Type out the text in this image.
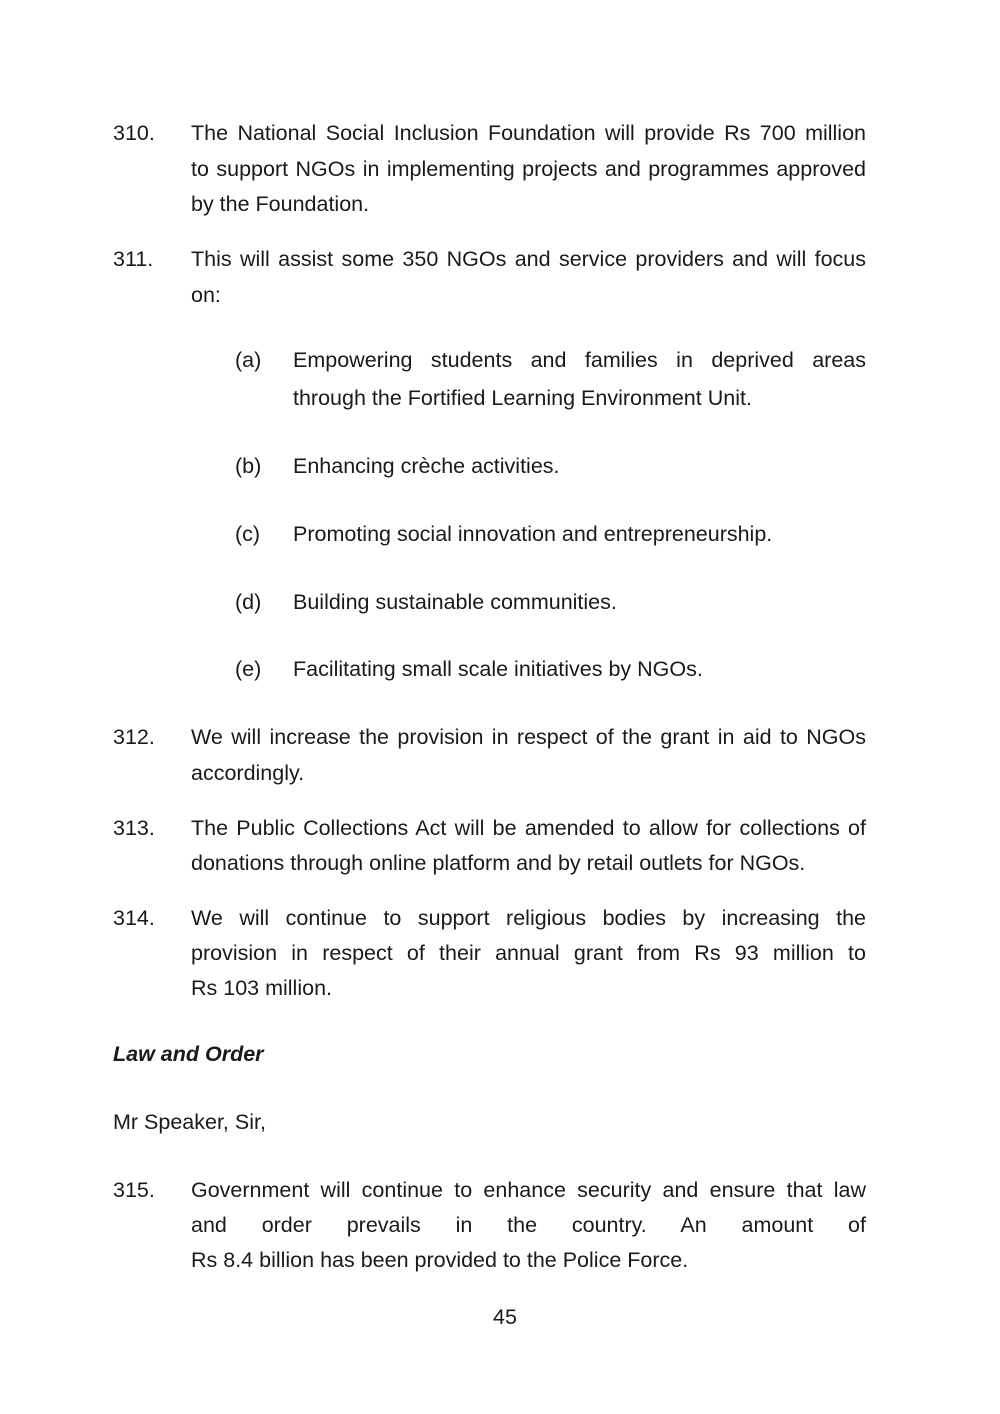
310. The National Social Inclusion Foundation will provide Rs 700 million
to support NGOs in implementing projects and programmes approved
by the Foundation.
311. This will assist some 350 NGOs and service providers and will focus
on:
(a) Empowering students and families in deprived areas
through the Fortified Learning Environment Unit.
(b) Enhancing crèche activities.
(c) Promoting social innovation and entrepreneurship.
(d) Building sustainable communities.
(e) Facilitating small scale initiatives by NGOs.
312. We will increase the provision in respect of the grant in aid to NGOs
accordingly.
313. The Public Collections Act will be amended to allow for collections of
donations through online platform and by retail outlets for NGOs.
314. We will continue to support religious bodies by increasing the
provision in respect of their annual grant from Rs 93 million to
Rs 103 million.
Law and Order
Mr Speaker, Sir,
315. Government will continue to enhance security and ensure that law
and order prevails in the country. An amount of
Rs 8.4 billion has been provided to the Police Force.
45
